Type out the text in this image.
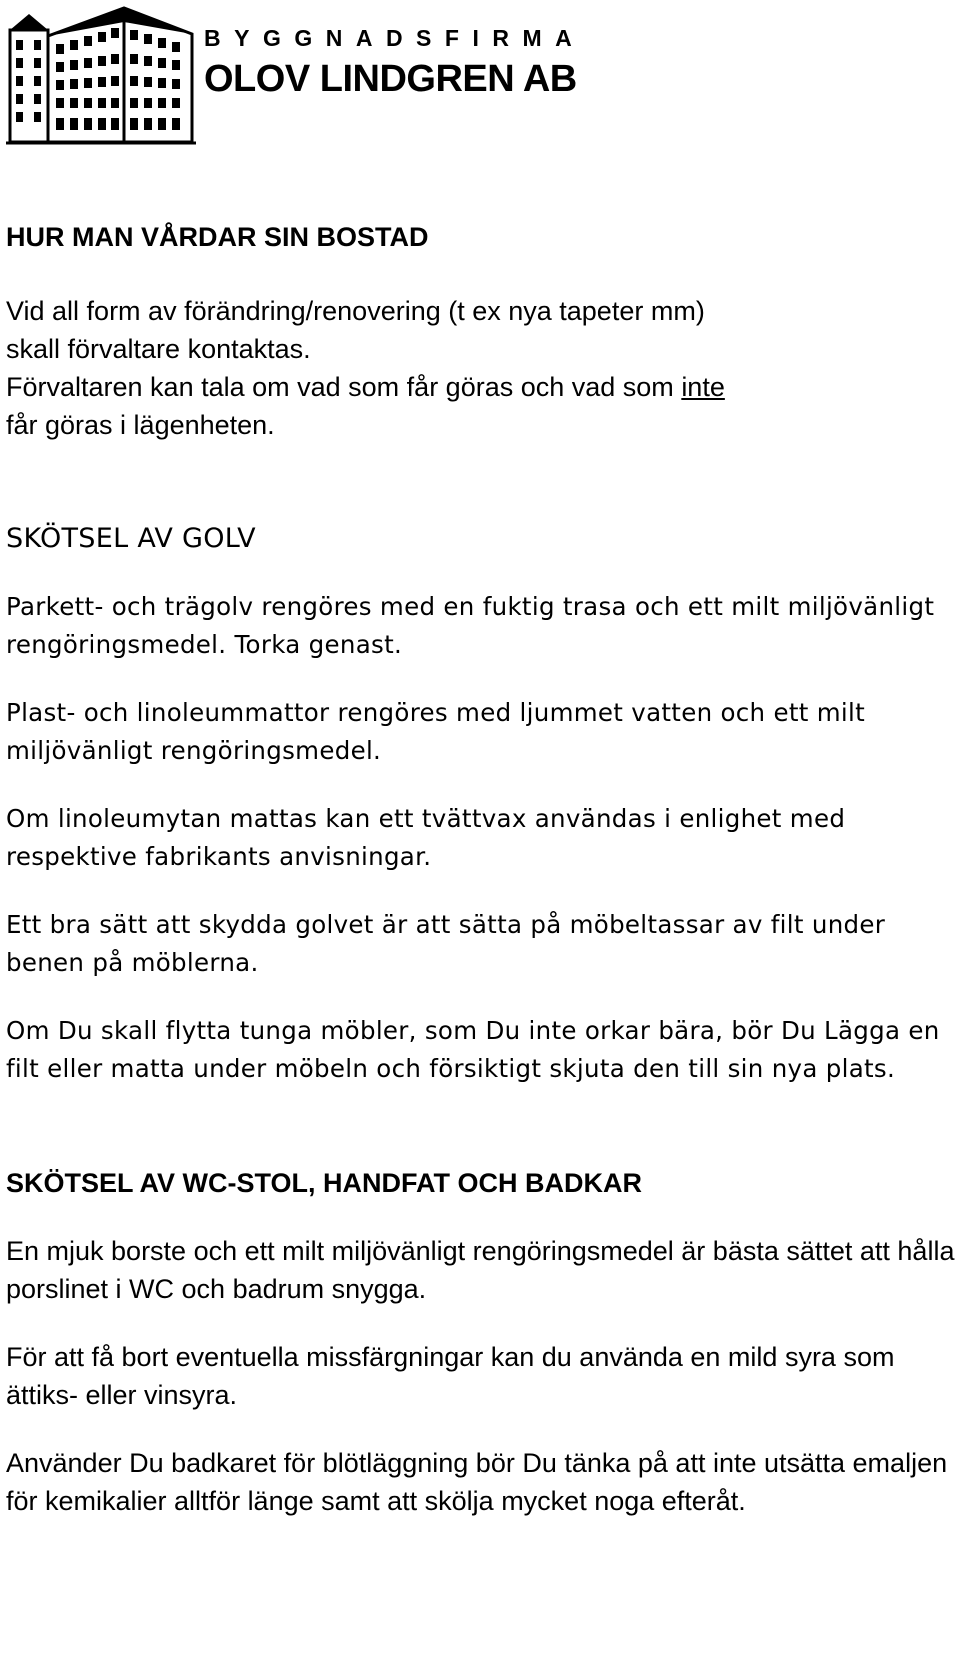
BYGGNADSFIRMA
OLOV LINDGREN AB
HUR MAN VÅRDAR SIN BOSTAD

Vid all form av förändring/renovering (t ex nya tapeter mm)

skall förvaltare kontaktas.

Förvaltaren kan tala om vad som får göras och vad som inte

får göras i lägenheten.

SKÖTSEL AV GOLV

Parkett- och trägolv rengöres med en fuktig trasa och ett milt miljövänligt rengöringsmedel. Torka genast.

Plast- och linoleummattor rengöres med ljummet vatten och ett milt miljövänligt rengöringsmedel.

Om linoleumytan mattas kan ett tvättvax användas i enlighet med respektive fabrikants anvisningar.

Ett bra sätt att skydda golvet är att sätta på möbeltassar av filt under benen på möblerna.

Om Du skall flytta tunga möbler, som Du inte orkar bära, bör Du Lägga en filt eller matta under möbeln och försiktigt skjuta den till sin nya plats.

SKÖTSEL AV WC-STOL, HANDFAT OCH BADKAR

En mjuk borste och ett milt miljövänligt rengöringsmedel är bästa sättet att hålla porslinet i WC och badrum snygga.

För att få bort eventuella missfärgningar kan du använda en mild syra som ättiks- eller vinsyra.

Använder Du badkaret för blötläggning bör Du tänka på att inte utsätta emaljen för kemikalier alltför länge samt att skölja mycket noga efteråt.
